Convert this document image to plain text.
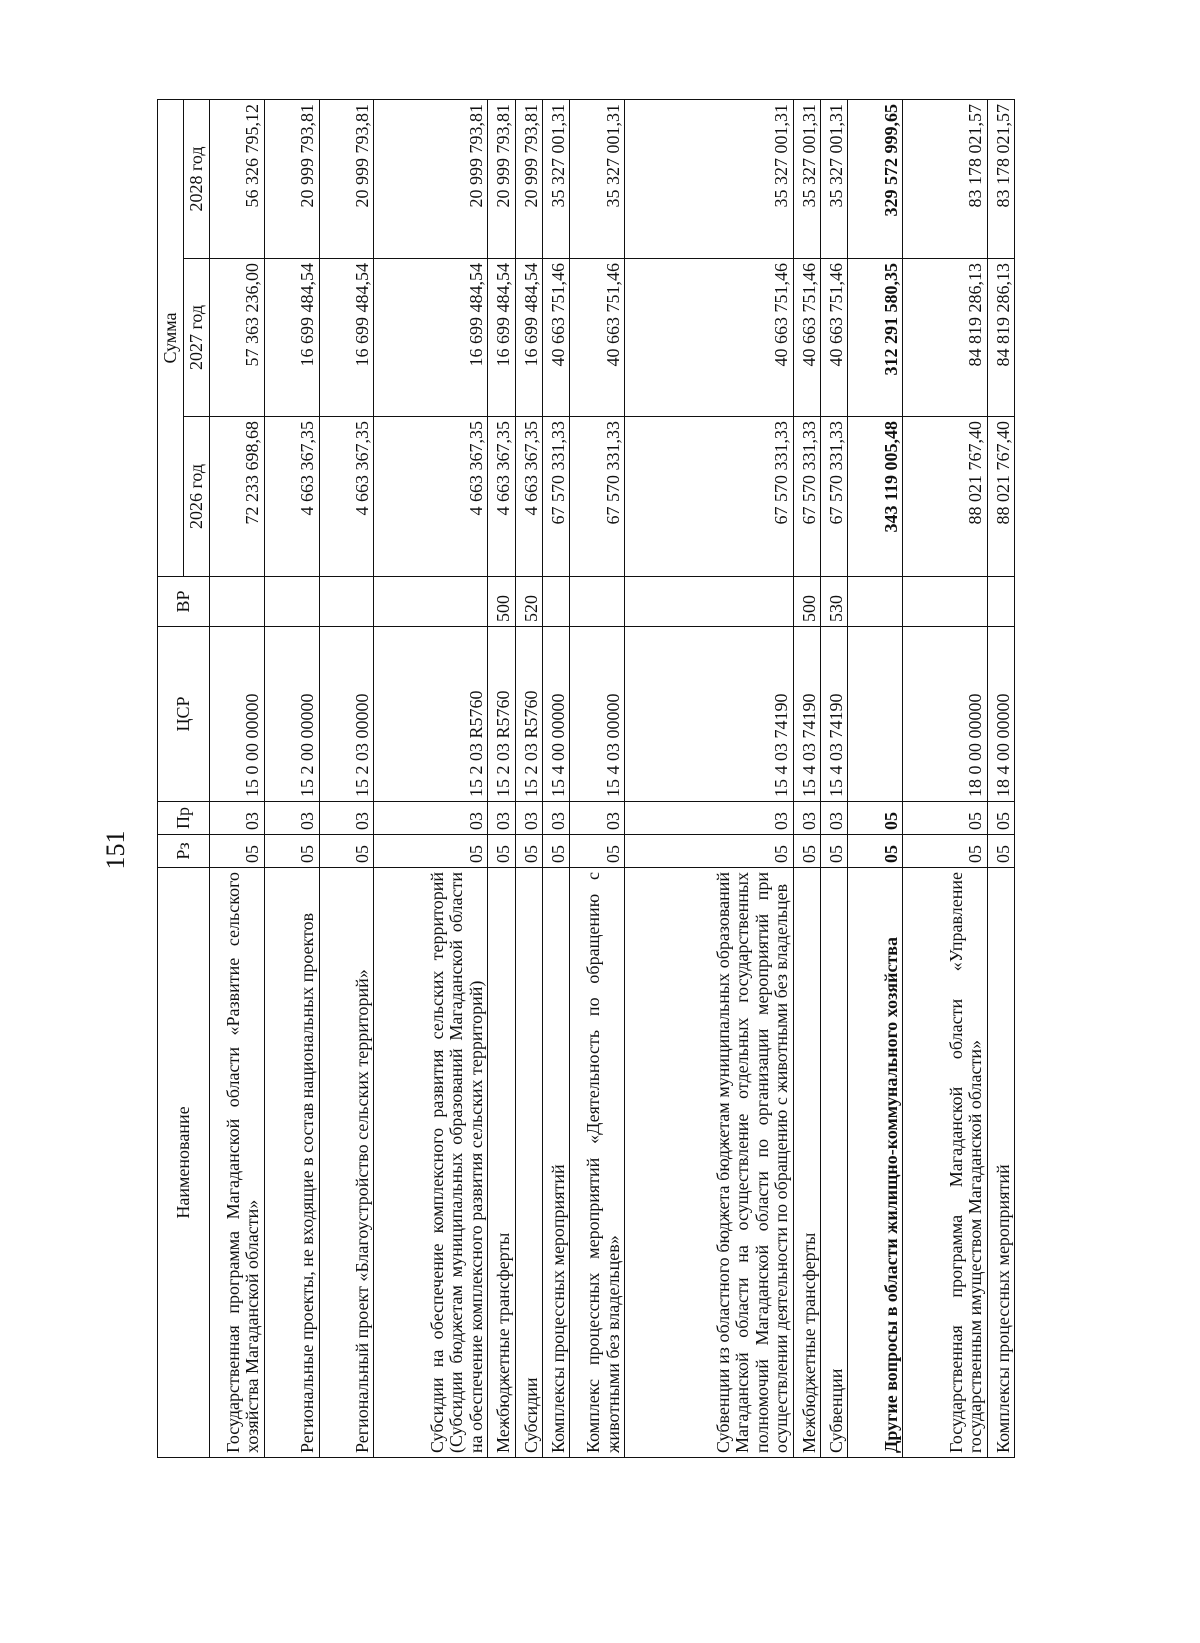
151
Наименование	Рз	Пр	ЦСР	ВР	Сумма		
					2026 год	2027 год	2028 год
Государственная программа Магаданской области «Развитие сельского хозяйства Магаданской области»	05	03	15 0 00 00000		72 233 698,68	57 363 236,00	56 326 795,12
Региональные проекты, не входящие в состав национальных проектов	05	03	15 2 00 00000		4 663 367,35	16 699 484,54	20 999 793,81
Региональный проект «Благоустройство сельских территорий»	05	03	15 2 03 00000		4 663 367,35	16 699 484,54	20 999 793,81
Субсидии на обеспечение комплексного развития сельских территорий (Субсидии бюджетам муниципальных образований Магаданской области на обеспечение комплексного развития сельских территорий)	05	03	15 2 03 R5760		4 663 367,35	16 699 484,54	20 999 793,81
Межбюджетные трансферты	05	03	15 2 03 R5760	500	4 663 367,35	16 699 484,54	20 999 793,81
Субсидии	05	03	15 2 03 R5760	520	4 663 367,35	16 699 484,54	20 999 793,81
Комплексы процессных мероприятий	05	03	15 4 00 00000		67 570 331,33	40 663 751,46	35 327 001,31
Комплекс процессных мероприятий «Деятельность по обращению с животными без владельцев»	05	03	15 4 03 00000		67 570 331,33	40 663 751,46	35 327 001,31
Субвенции из областного бюджета бюджетам муниципальных образований Магаданской области на осуществление отдельных государственных полномочий Магаданской области по организации мероприятий при осуществлении деятельности по обращению с животными без владельцев	05	03	15 4 03 74190		67 570 331,33	40 663 751,46	35 327 001,31
Межбюджетные трансферты	05	03	15 4 03 74190	500	67 570 331,33	40 663 751,46	35 327 001,31
Субвенции	05	03	15 4 03 74190	530	67 570 331,33	40 663 751,46	35 327 001,31
Другие вопросы в области жилищно-коммунального хозяйства	05	05			343 119 005,48	312 291 580,35	329 572 999,65
Государственная программа Магаданской области «Управление государственным имуществом Магаданской области»	05	05	18 0 00 00000		88 021 767,40	84 819 286,13	83 178 021,57
Комплексы процессных мероприятий	05	05	18 4 00 00000		88 021 767,40	84 819 286,13	83 178 021,57
